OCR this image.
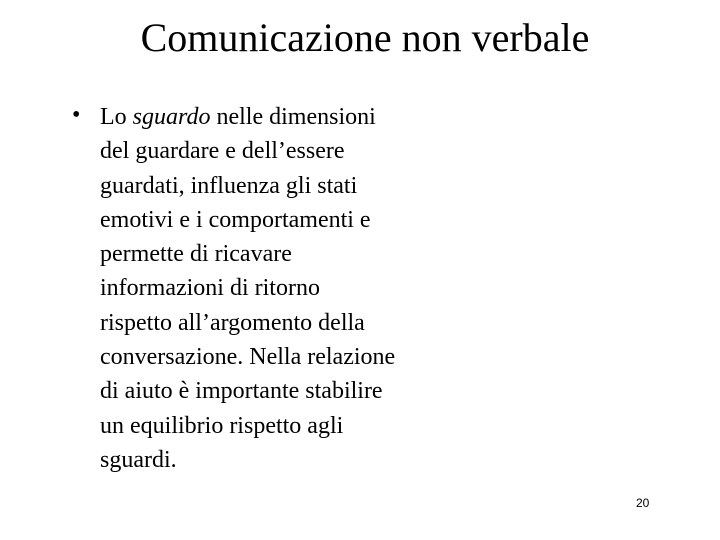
Comunicazione non verbale
• Lo sguardo nelle dimensioni
del guardare e dell’essere
guardati, influenza gli stati
emotivi e i comportamenti e
permette di ricavare
informazioni di ritorno
rispetto all’argomento della
conversazione. Nella relazione
di aiuto è importante stabilire
un equilibrio rispetto agli
sguardi.
20
